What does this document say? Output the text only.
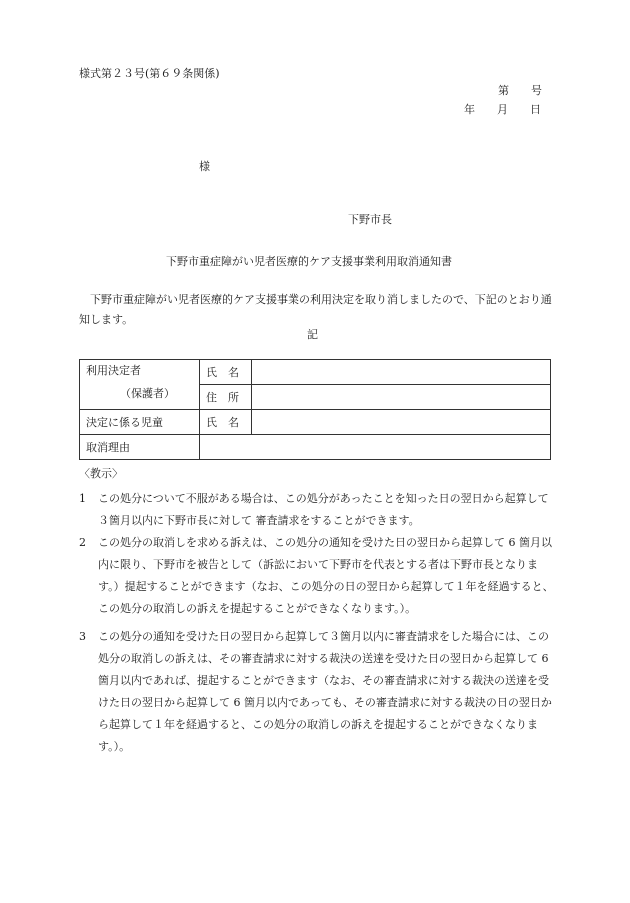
様式第２３号(第６９条関係)
第　　号
年　　月　　日
様
下野市長
下野市重症障がい児者医療的ケア支援事業利用取消通知書
　下野市重症障がい児者医療的ケア支援事業の利用決定を取り消しましたので、下記のとおり通知します。
記
利用決定者
（保護者）	氏　名	
	住　所	
決定に係る児童	氏　名	
取消理由		
〈教示〉
1	この処分について不服がある場合は、この処分があったことを知った日の翌日から起算して３箇月以内に下野市長に対して 審査請求をすることができます。
2	この処分の取消しを求める訴えは、この処分の通知を受けた日の翌日から起算して 6 箇月以内に限り、下野市を被告として（訴訟において下野市を代表とする者は下野市長となります。）提起することができます（なお、この処分の日の翌日から起算して１年を経過すると、この処分の取消しの訴えを提起することができなくなります。）。
3	この処分の通知を受けた日の翌日から起算して３箇月以内に審査請求をした場合には、この処分の取消しの訴えは、その審査請求に対する裁決の送達を受けた日の翌日から起算して 6 箇月以内であれば、提起することができます（なお、その審査請求に対する裁決の送達を受けた日の翌日から起算して 6 箇月以内であっても、その審査請求に対する裁決の日の翌日から起算して１年を経過すると、この処分の取消しの訴えを提起することができなくなります。）。
